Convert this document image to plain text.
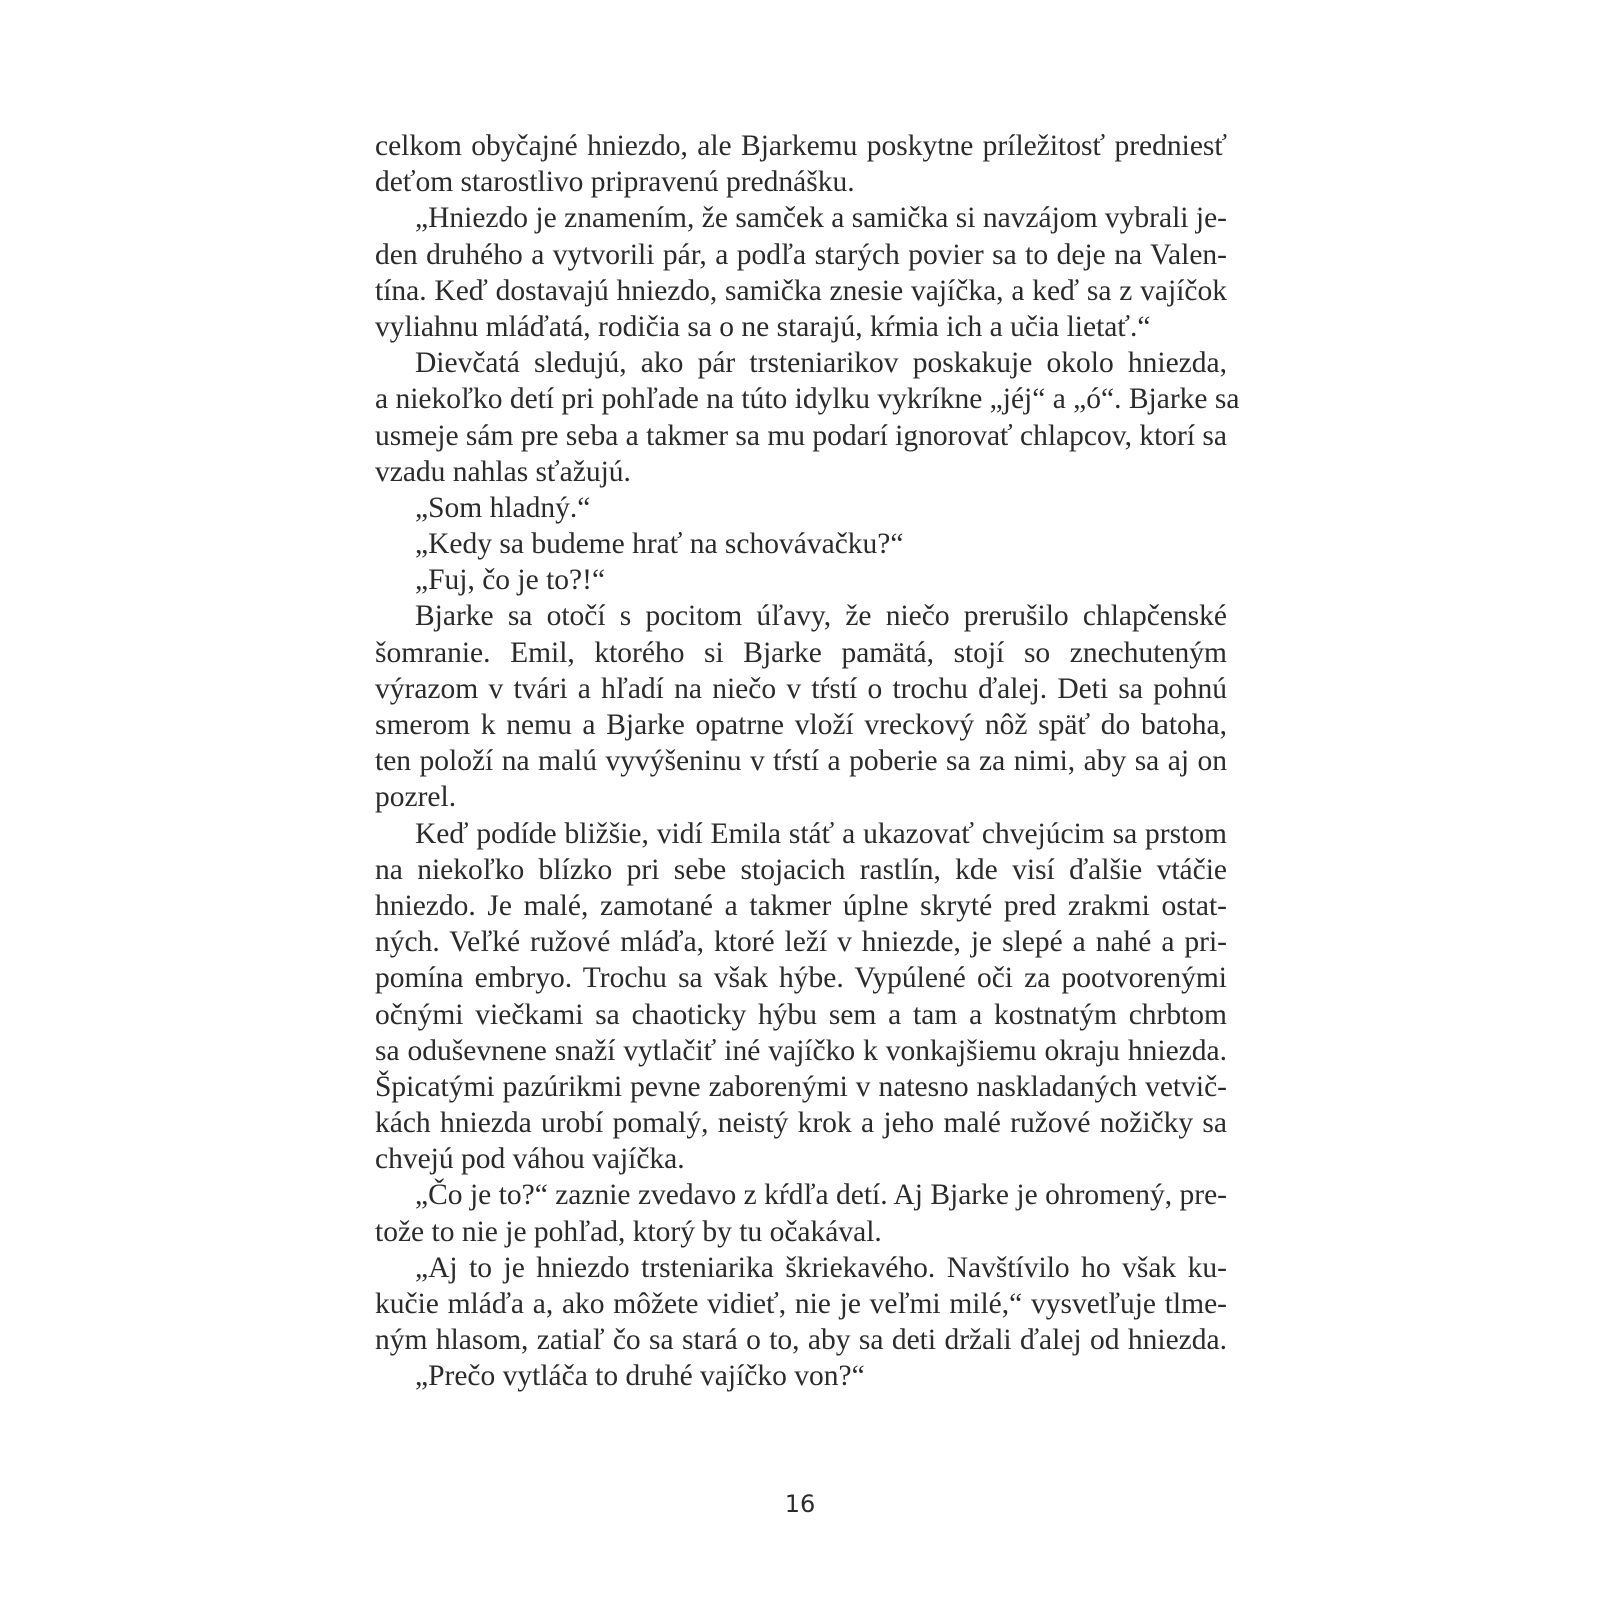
celkom obyčajné hniezdo, ale Bjarkemu poskytne príležitosť predniesť
deťom starostlivo pripravenú prednášku.
„Hniezdo je znamením, že samček a samička si navzájom vybrali je-
den druhého a vytvorili pár, a podľa starých povier sa to deje na Valen-
tína. Keď dostavajú hniezdo, samička znesie vajíčka, a keď sa z vajíčok
vyliahnu mláďatá, rodičia sa o ne starajú, kŕmia ich a učia lietať.“
Dievčatá sledujú, ako pár trsteniarikov poskakuje okolo hniezda,
a niekoľko detí pri pohľade na túto idylku vykríkne „jéj“ a „ó“. Bjarke sa
usmeje sám pre seba a takmer sa mu podarí ignorovať chlapcov, ktorí sa
vzadu nahlas sťažujú.
„Som hladný.“
„Kedy sa budeme hrať na schovávačku?“
„Fuj, čo je to?!“
Bjarke sa otočí s pocitom úľavy, že niečo prerušilo chlapčenské
šomranie. Emil, ktorého si Bjarke pamätá, stojí so znechuteným
výrazom v tvári a hľadí na niečo v tŕstí o trochu ďalej. Deti sa pohnú
smerom k nemu a Bjarke opatrne vloží vreckový nôž späť do batoha,
ten položí na malú vyvýšeninu v tŕstí a poberie sa za nimi, aby sa aj on
pozrel.
Keď podíde bližšie, vidí Emila stáť a ukazovať chvejúcim sa prstom
na niekoľko blízko pri sebe stojacich rastlín, kde visí ďalšie vtáčie
hniezdo. Je malé, zamotané a takmer úplne skryté pred zrakmi ostat-
ných. Veľké ružové mláďa, ktoré leží v hniezde, je slepé a nahé a pri-
pomína embryo. Trochu sa však hýbe. Vypúlené oči za pootvorenými
očnými viečkami sa chaoticky hýbu sem a tam a kostnatým chrbtom
sa oduševnene snaží vytlačiť iné vajíčko k vonkajšiemu okraju hniezda.
Špicatými pazúrikmi pevne zaborenými v natesno naskladaných vetvič-
kách hniezda urobí pomalý, neistý krok a jeho malé ružové nožičky sa
chvejú pod váhou vajíčka.
„Čo je to?“ zaznie zvedavo z kŕdľa detí. Aj Bjarke je ohromený, pre-
tože to nie je pohľad, ktorý by tu očakával.
„Aj to je hniezdo trsteniarika škriekavého. Navštívilo ho však ku-
kučie mláďa a, ako môžete vidieť, nie je veľmi milé,“ vysvetľuje tlme-
ným hlasom, zatiaľ čo sa stará o to, aby sa deti držali ďalej od hniezda.
„Prečo vytláča to druhé vajíčko von?“
16
